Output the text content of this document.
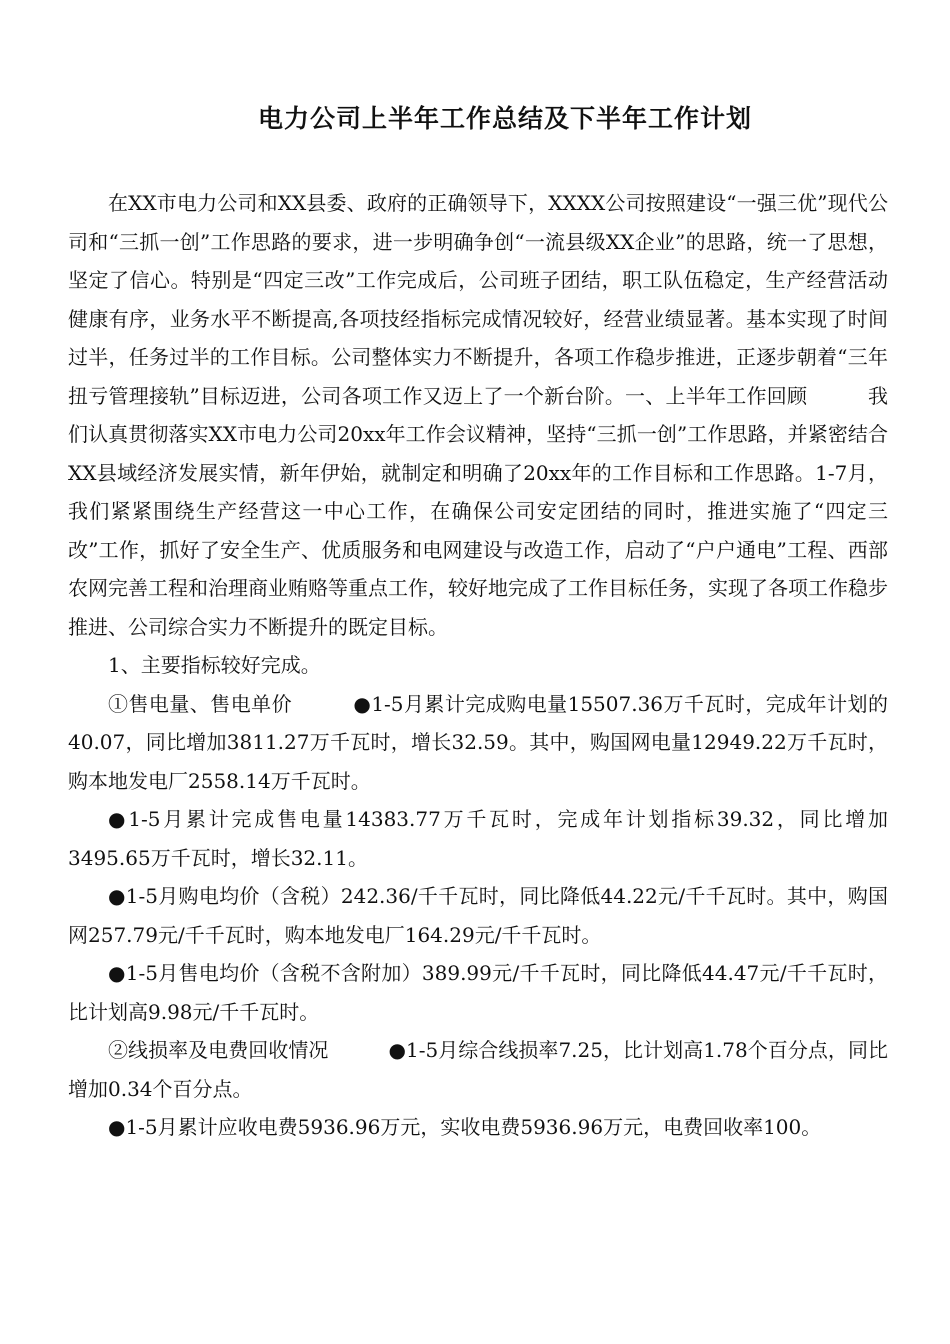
电力公司上半年工作总结及下半年工作计划

在XX市电力公司和XX县委、政府的正确领导下，XXXX公司按照建设“一强三优”现代公司和“三抓一创”工作思路的要求，进一步明确争创“一流县级XX企业”的思路，统一了思想，坚定了信心。特别是“四定三改”工作完成后，公司班子团结，职工队伍稳定，生产经营活动健康有序，业务水平不断提高,各项技经指标完成情况较好，经营业绩显著。基本实现了时间过半，任务过半的工作目标。公司整体实力不断提升，各项工作稳步推进，正逐步朝着“三年扭亏管理接轨”目标迈进，公司各项工作又迈上了一个新台阶。一、上半年工作回顾　　　我们认真贯彻落实XX市电力公司20xx年工作会议精神，坚持“三抓一创”工作思路，并紧密结合XX县域经济发展实情，新年伊始，就制定和明确了20xx年的工作目标和工作思路。1-7月，我们紧紧围绕生产经营这一中心工作，在确保公司安定团结的同时，推进实施了“四定三改”工作，抓好了安全生产、优质服务和电网建设与改造工作，启动了“户户通电”工程、西部农网完善工程和治理商业贿赂等重点工作，较好地完成了工作目标任务，实现了各项工作稳步推进、公司综合实力不断提升的既定目标。

1、主要指标较好完成。

①售电量、售电单价　　　●1-5月累计完成购电量15507.36万千瓦时，完成年计划的40.07，同比增加3811.27万千瓦时，增长32.59。其中，购国网电量12949.22万千瓦时，购本地发电厂2558.14万千瓦时。

●1-5月累计完成售电量14383.77万千瓦时，完成年计划指标39.32，同比增加3495.65万千瓦时，增长32.11。

●1-5月购电均价（含税）242.36/千千瓦时，同比降低44.22元/千千瓦时。其中，购国网257.79元/千千瓦时，购本地发电厂164.29元/千千瓦时。

●1-5月售电均价（含税不含附加）389.99元/千千瓦时，同比降低44.47元/千千瓦时，比计划高9.98元/千千瓦时。

②线损率及电费回收情况　　　●1-5月综合线损率7.25，比计划高1.78个百分点，同比增加0.34个百分点。

●1-5月累计应收电费5936.96万元，实收电费5936.96万元，电费回收率100。
